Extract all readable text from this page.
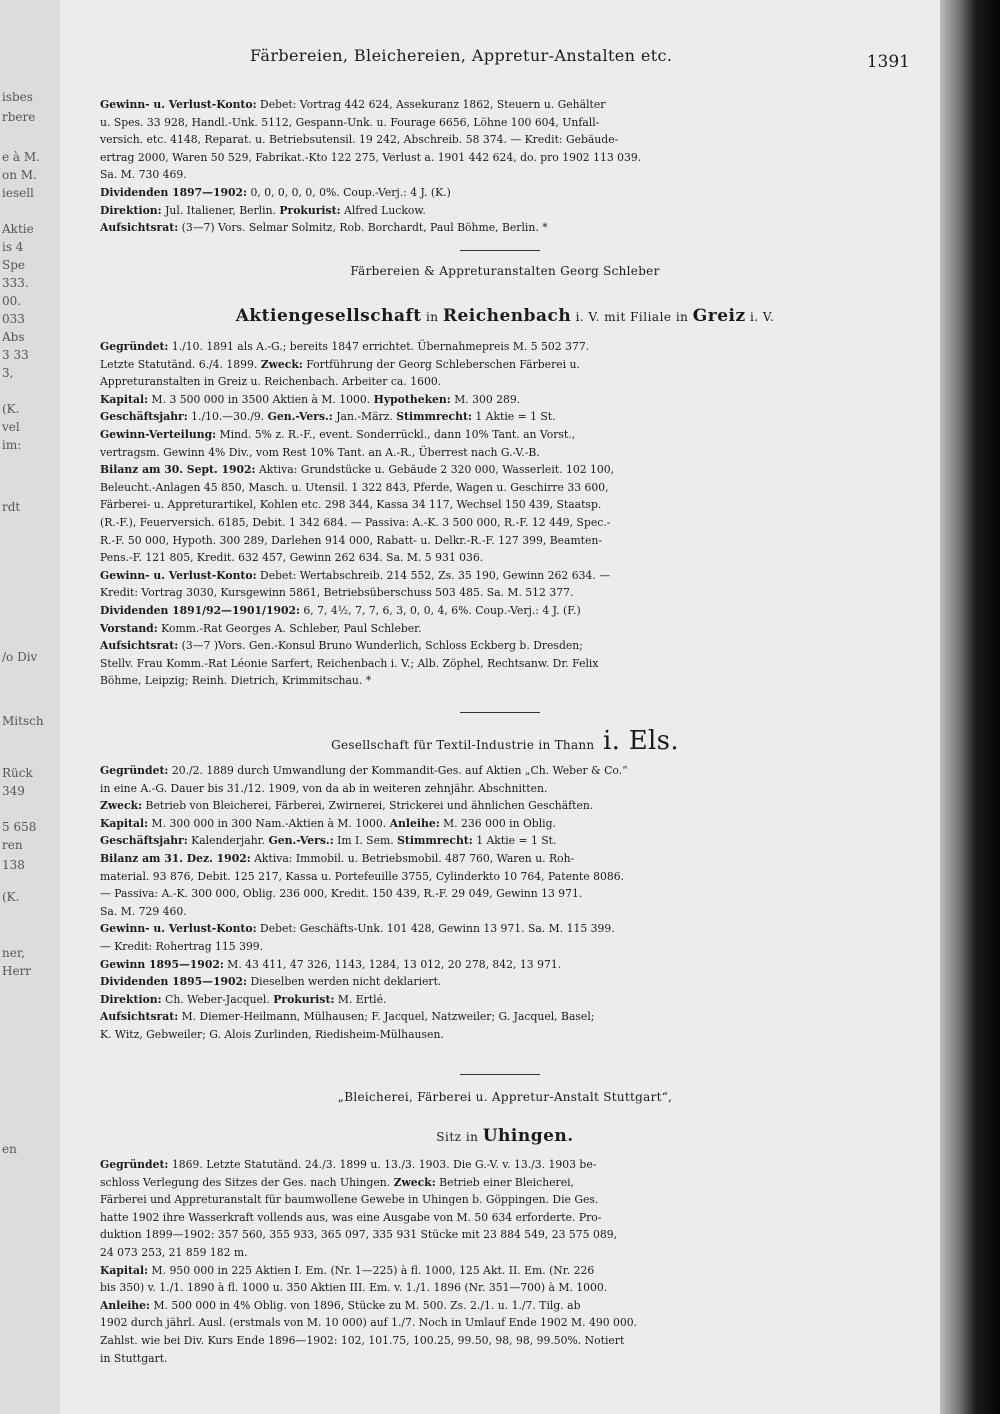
isbes
rbere
e à M.
on M.
iesell
Aktie
is 4
Spe
333.
00.
033
Abs
3 33
3,
(K.
vel
im:
rdt
/o Div
Mitsch
Rück
349
5 658
ren
138
(K.
ner,
Herr
en
Färbereien, Bleichereien, Appretur-Anstalten etc.	1391
Gewinn- u. Verlust-Konto: Debet: Vortrag 442 624, Assekuranz 1862, Steuern u. Gehälter
u. Spes. 33 928, Handl.-Unk. 5112, Gespann-Unk. u. Fourage 6656, Löhne 100 604, Unfall-
versich. etc. 4148, Reparat. u. Betriebsutensil. 19 242, Abschreib. 58 374. — Kredit: Gebäude-
ertrag 2000, Waren 50 529, Fabrikat.-Kto 122 275, Verlust a. 1901 442 624, do. pro 1902 113 039.
Sa. M. 730 469.
Dividenden 1897—1902: 0, 0, 0, 0, 0, 0%. Coup.-Verj.: 4 J. (K.)
Direktion: Jul. Italiener, Berlin. Prokurist: Alfred Luckow.
Aufsichtsrat: (3—7) Vors. Selmar Solmitz, Rob. Borchardt, Paul Böhme, Berlin. *
Färbereien & Appreturanstalten Georg Schleber
Aktiengesellschaft in Reichenbach i. V. mit Filiale in Greiz i. V.
Gegründet: 1./10. 1891 als A.-G.; bereits 1847 errichtet. Übernahmepreis M. 5 502 377.
Letzte Statutänd. 6./4. 1899. Zweck: Fortführung der Georg Schleberschen Färberei u.
Appreturanstalten in Greiz u. Reichenbach. Arbeiter ca. 1600.
Kapital: M. 3 500 000 in 3500 Aktien à M. 1000. Hypotheken: M. 300 289.
Geschäftsjahr: 1./10.—30./9. Gen.-Vers.: Jan.-März. Stimmrecht: 1 Aktie = 1 St.
Gewinn-Verteilung: Mind. 5% z. R.-F., event. Sonderrückl., dann 10% Tant. an Vorst.,
vertragsm. Gewinn 4% Div., vom Rest 10% Tant. an A.-R., Überrest nach G.-V.-B.
Bilanz am 30. Sept. 1902: Aktiva: Grundstücke u. Gebäude 2 320 000, Wasserleit. 102 100,
Beleucht.-Anlagen 45 850, Masch. u. Utensil. 1 322 843, Pferde, Wagen u. Geschirre 33 600,
Färberei- u. Appreturartikel, Kohlen etc. 298 344, Kassa 34 117, Wechsel 150 439, Staatsp.
(R.-F.), Feuerversich. 6185, Debit. 1 342 684. — Passiva: A.-K. 3 500 000, R.-F. 12 449, Spec.-
R.-F. 50 000, Hypoth. 300 289, Darlehen 914 000, Rabatt- u. Delkr.-R.-F. 127 399, Beamten-
Pens.-F. 121 805, Kredit. 632 457, Gewinn 262 634. Sa. M. 5 931 036.
Gewinn- u. Verlust-Konto: Debet: Wertabschreib. 214 552, Zs. 35 190, Gewinn 262 634. —
Kredit: Vortrag 3030, Kursgewinn 5861, Betriebsüberschuss 503 485. Sa. M. 512 377.
Dividenden 1891/92—1901/1902: 6, 7, 4½, 7, 7, 6, 3, 0, 0, 4, 6%. Coup.-Verj.: 4 J. (F.)
Vorstand: Komm.-Rat Georges A. Schleber, Paul Schleber.
Aufsichtsrat: (3—7 )Vors. Gen.-Konsul Bruno Wunderlich, Schloss Eckberg b. Dresden;
Stellv. Frau Komm.-Rat Léonie Sarfert, Reichenbach i. V.; Alb. Zöphel, Rechtsanw. Dr. Felix
Böhme, Leipzig; Reinh. Dietrich, Krimmitschau. *
Gesellschaft für Textil-Industrie in Thann i. Els.
Gegründet: 20./2. 1889 durch Umwandlung der Kommandit-Ges. auf Aktien „Ch. Weber & Co.“
in eine A.-G. Dauer bis 31./12. 1909, von da ab in weiteren zehnjähr. Abschnitten.
Zweck: Betrieb von Bleicherei, Färberei, Zwirnerei, Strickerei und ähnlichen Geschäften.
Kapital: M. 300 000 in 300 Nam.-Aktien à M. 1000. Anleihe: M. 236 000 in Oblig.
Geschäftsjahr: Kalenderjahr. Gen.-Vers.: Im I. Sem. Stimmrecht: 1 Aktie = 1 St.
Bilanz am 31. Dez. 1902: Aktiva: Immobil. u. Betriebsmobil. 487 760, Waren u. Roh-
material. 93 876, Debit. 125 217, Kassa u. Portefeuille 3755, Cylinderkto 10 764, Patente 8086.
— Passiva: A.-K. 300 000, Oblig. 236 000, Kredit. 150 439, R.-F. 29 049, Gewinn 13 971.
Sa. M. 729 460.
Gewinn- u. Verlust-Konto: Debet: Geschäfts-Unk. 101 428, Gewinn 13 971. Sa. M. 115 399.
— Kredit: Rohertrag 115 399.
Gewinn 1895—1902: M. 43 411, 47 326, 1143, 1284, 13 012, 20 278, 842, 13 971.
Dividenden 1895—1902: Dieselben werden nicht deklariert.
Direktion: Ch. Weber-Jacquel. Prokurist: M. Ertlé.
Aufsichtsrat: M. Diemer-Heilmann, Mülhausen; F. Jacquel, Natzweiler; G. Jacquel, Basel;
K. Witz, Gebweiler; G. Alois Zurlinden, Riedisheim-Mülhausen.
„Bleicherei, Färberei u. Appretur-Anstalt Stuttgart“,
Sitz in Uhingen.
Gegründet: 1869. Letzte Statutänd. 24./3. 1899 u. 13./3. 1903. Die G.-V. v. 13./3. 1903 be-
schloss Verlegung des Sitzes der Ges. nach Uhingen. Zweck: Betrieb einer Bleicherei,
Färberei und Appreturanstalt für baumwollene Gewebe in Uhingen b. Göppingen. Die Ges.
hatte 1902 ihre Wasserkraft vollends aus, was eine Ausgabe von M. 50 634 erforderte. Pro-
duktion 1899—1902: 357 560, 355 933, 365 097, 335 931 Stücke mit 23 884 549, 23 575 089,
24 073 253, 21 859 182 m.
Kapital: M. 950 000 in 225 Aktien I. Em. (Nr. 1—225) à fl. 1000, 125 Akt. II. Em. (Nr. 226
bis 350) v. 1./1. 1890 à fl. 1000 u. 350 Aktien III. Em. v. 1./1. 1896 (Nr. 351—700) à M. 1000.
Anleihe: M. 500 000 in 4% Oblig. von 1896, Stücke zu M. 500. Zs. 2./1. u. 1./7. Tilg. ab
1902 durch jährl. Ausl. (erstmals von M. 10 000) auf 1./7. Noch in Umlauf Ende 1902 M. 490 000.
Zahlst. wie bei Div. Kurs Ende 1896—1902: 102, 101.75, 100.25, 99.50, 98, 98, 99.50%. Notiert
in Stuttgart.
